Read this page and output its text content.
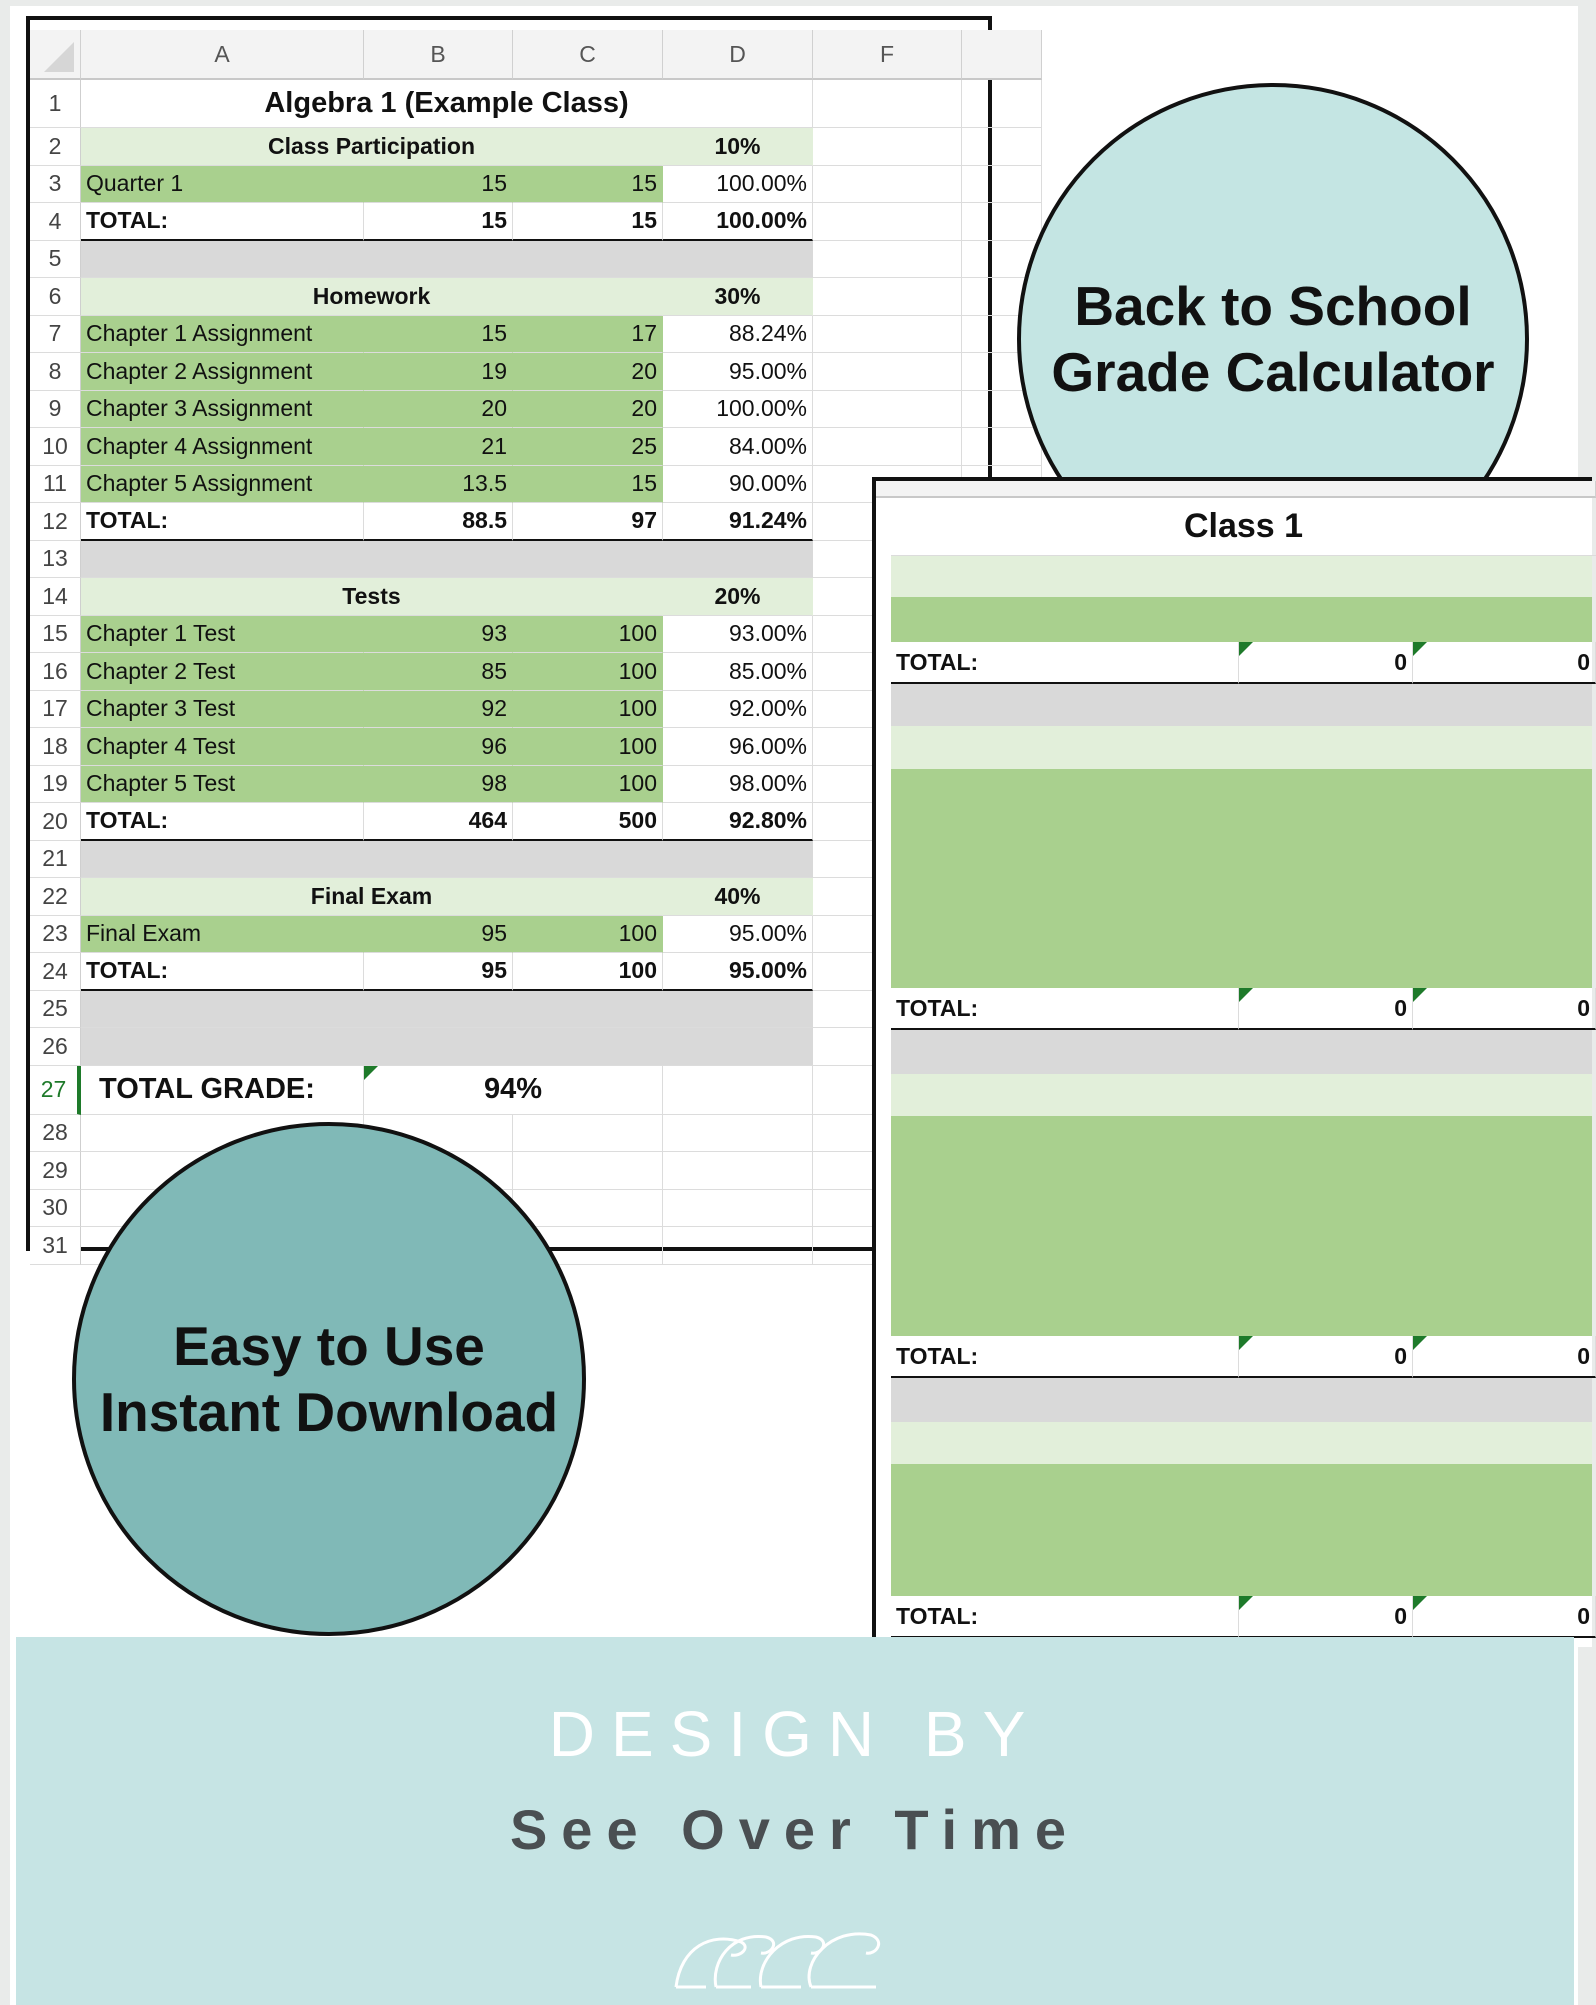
A	B	C	D	F
1	Algebra 1 (Example Class)
2	Class Participation	10%
3	Quarter 1	15	15	100.00%
4	TOTAL:	15	15	100.00%
5
6	Homework	30%
7	Chapter 1 Assignment	15	17	88.24%
8	Chapter 2 Assignment	19	20	95.00%
9	Chapter 3 Assignment	20	20	100.00%
10 Chapter 4 Assignment	21	25	84.00%
11 Chapter 5 Assignment	13.5	15	90.00%
12 TOTAL:	88.5	97	91.24%
13
14	Tests	20%
15 Chapter 1 Test	93	100	93.00%
16 Chapter 2 Test	85	100	85.00%
17 Chapter 3 Test	92	100	92.00%
18 Chapter 4 Test	96	100	96.00%
19 Chapter 5 Test	98	100	98.00%
20 TOTAL:	464	500	92.80%
21
22	Final Exam	40%
23 Final Exam	95	100	95.00%
24 TOTAL:	95	100	95.00%
25
26
27	TOTAL GRADE:	94%
28
29
30
31
Back to School
Grade Calculator
Class 1
TOTAL:	0	0
TOTAL:	0	0
TOTAL:	0	0
TOTAL:	0	0
Easy to Use
Instant Download
DESIGN BY
See Over Time
